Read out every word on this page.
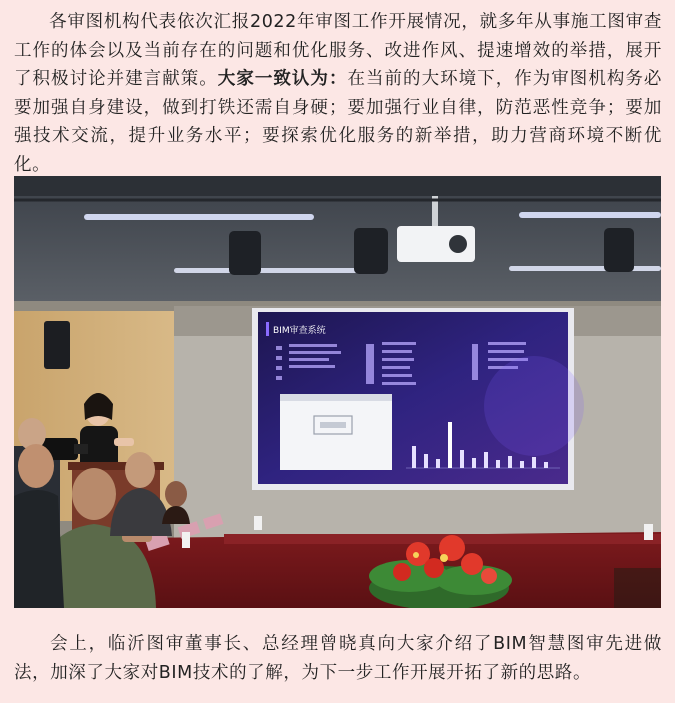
各审图机构代表依次汇报2022年审图工作开展情况，就多年从事施工图审查工作的体会以及当前存在的问题和优化服务、改进作风、提速增效的举措，展开了积极讨论并建言献策。大家一致认为：在当前的大环境下，作为审图机构务必要加强自身建设，做到打铁还需自身硬；要加强行业自律，防范恶性竞争；要加强技术交流，提升业务水平；要探索优化服务的新举措，助力营商环境不断优化。

BIM审查系统

会上，临沂图审董事长、总经理曾晓真向大家介绍了BIM智慧图审先进做法，加深了大家对BIM技术的了解，为下一步工作开展开拓了新的思路。
